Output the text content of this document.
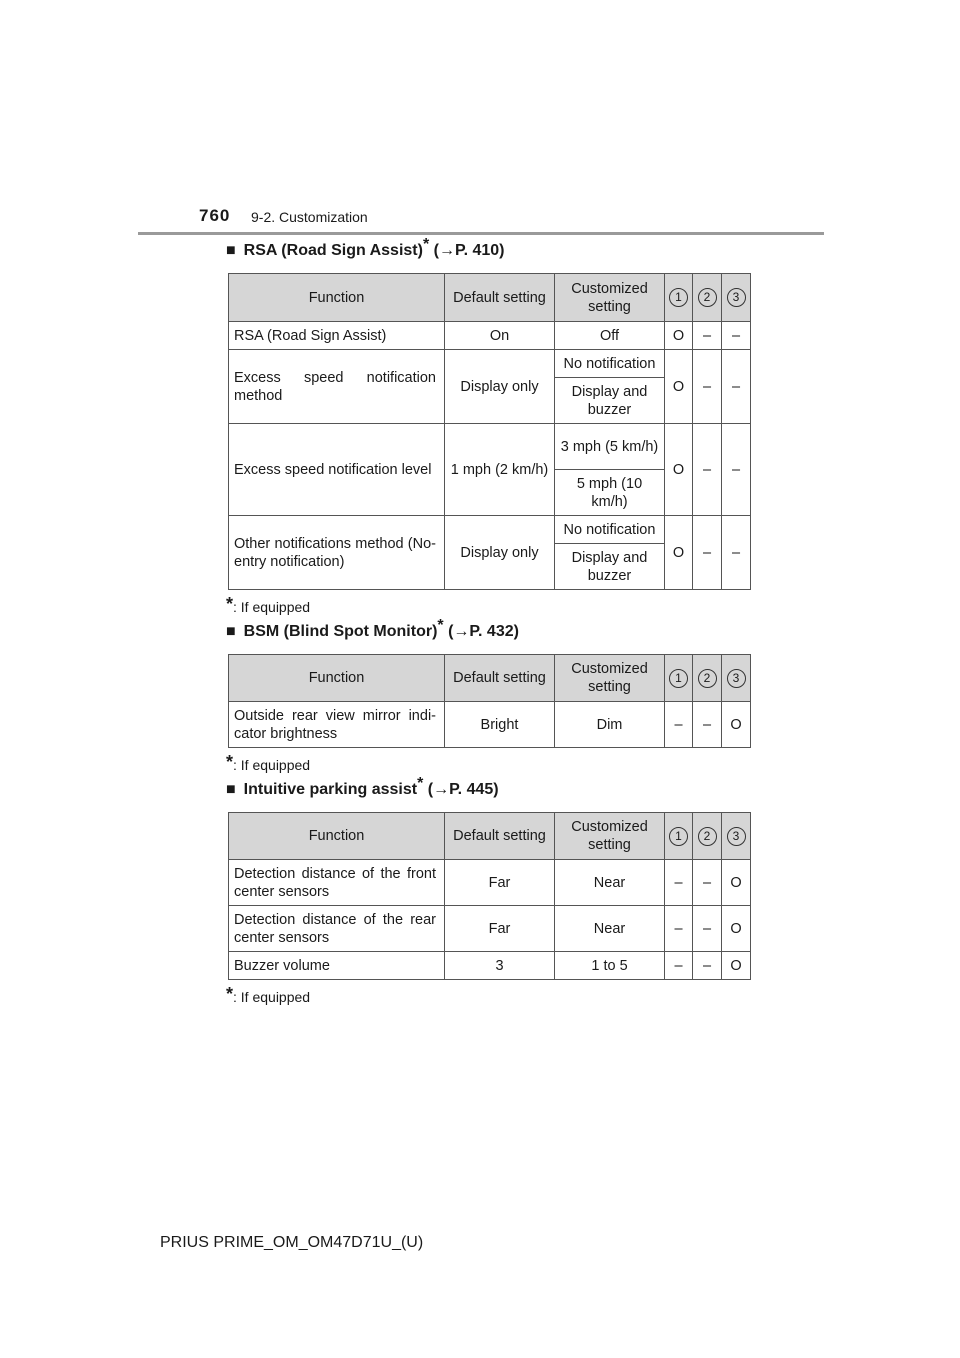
760 9-2. Customization
■ RSA (Road Sign Assist)* (→P. 410)
Function	Default setting	Customized setting	1	2	3
RSA (Road Sign Assist)	On	Off	O	–	–
Excess speed notification method	Display only	No notification	O	–	–
		Display and buzzer			
Excess speed notification level	1 mph (2 km/h)	3 mph (5 km/h)	O	–	–
		5 mph (10 km/h)			
Other notifications method (No-entry notification)	Display only	No notification	O	–	–
		Display and buzzer			
*: If equipped
■ BSM (Blind Spot Monitor)* (→P. 432)
Function	Default setting	Customized setting	1	2	3
Outside rear view mirror indi-cator brightness	Bright	Dim	–	–	O
*: If equipped
■ Intuitive parking assist* (→P. 445)
Function	Default setting	Customized setting	1	2	3
Detection distance of the front center sensors	Far	Near	–	–	O
Detection distance of the rear center sensors	Far	Near	–	–	O
Buzzer volume	3	1 to 5	–	–	O
*: If equipped
PRIUS PRIME_OM_OM47D71U_(U)
